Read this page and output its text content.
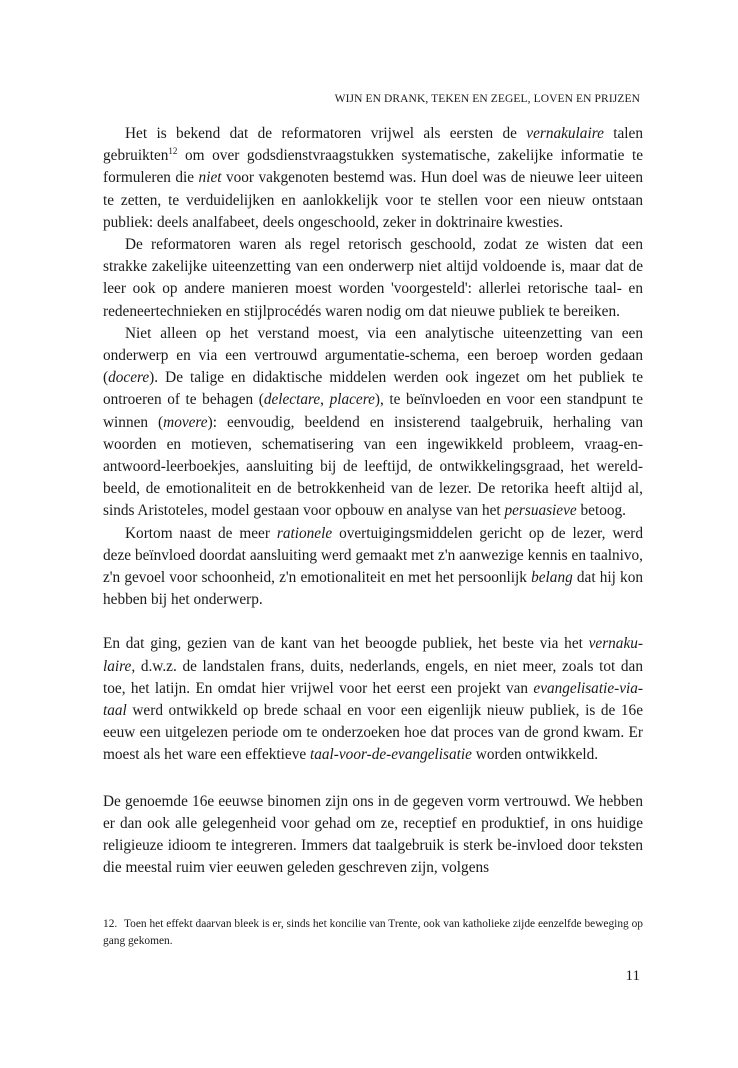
WIJN EN DRANK, TEKEN EN ZEGEL, LOVEN EN PRIJZEN

Het is bekend dat de reformatoren vrijwel als eersten de vernakulaire talen gebruikten$^{12}$ om over godsdienstvraagstukken systematische, zakelijke informatie te formuleren die niet voor vakgenoten bestemd was. Hun doel was de nieuwe leer uiteen te zetten, te verduidelijken en aanlokkelijk voor te stellen voor een nieuw ontstaan publiek: deels analfabeet, deels ongeschoold, zeker in doktrinaire kwesties.

De reformatoren waren als regel retorisch geschoold, zodat ze wisten dat een strakke zakelijke uiteenzetting van een onderwerp niet altijd voldoende is, maar dat de leer ook op andere manieren moest worden 'voorgesteld': allerlei retorische taal- en redeneertechnieken en stijlprocédés waren nodig om dat nieuwe publiek te bereiken.

Niet alleen op het verstand moest, via een analytische uiteenzetting van een onderwerp en via een vertrouwd argumentatie-schema, een beroep worden gedaan (docere). De talige en didaktische middelen werden ook ingezet om het publiek te ontroeren of te behagen (delectare, placere), te beïnvloeden en voor een standpunt te winnen (movere): eenvoudig, beeldend en insisterend taalgebruik, herhaling van woorden en motieven, schematisering van een ingewikkeld probleem, vraag-en-antwoord-leerboekjes, aansluiting bij de leeftijd, de ontwikkelingsgraad, het wereld-beeld, de emotionaliteit en de betrokkenheid van de lezer. De retorika heeft altijd al, sinds Aristoteles, model gestaan voor opbouw en analyse van het persuasieve betoog.

Kortom naast de meer rationele overtuigingsmiddelen gericht op de lezer, werd deze beïnvloed doordat aansluiting werd gemaakt met z'n aanwezige kennis en taalnivo, z'n gevoel voor schoonheid, z'n emotionaliteit en met het persoonlijk belang dat hij kon hebben bij het onderwerp.

En dat ging, gezien van de kant van het beoogde publiek, het beste via het vernaku-laire, d.w.z. de landstalen frans, duits, nederlands, engels, en niet meer, zoals tot dan toe, het latijn. En omdat hier vrijwel voor het eerst een projekt van evangelisatie-via-taal werd ontwikkeld op brede schaal en voor een eigenlijk nieuw publiek, is de 16e eeuw een uitgelezen periode om te onderzoeken hoe dat proces van de grond kwam. Er moest als het ware een effektieve taal-voor-de-evangelisatie worden ontwikkeld.

De genoemde 16e eeuwse binomen zijn ons in de gegeven vorm vertrouwd. We hebben er dan ook alle gelegenheid voor gehad om ze, receptief en produktief, in ons huidige religieuze idioom te integreren. Immers dat taalgebruik is sterk be-invloed door teksten die meestal ruim vier eeuwen geleden geschreven zijn, volgens

12. Toen het effekt daarvan bleek is er, sinds het koncilie van Trente, ook van katholieke zijde eenzelfde beweging op gang gekomen.
11
